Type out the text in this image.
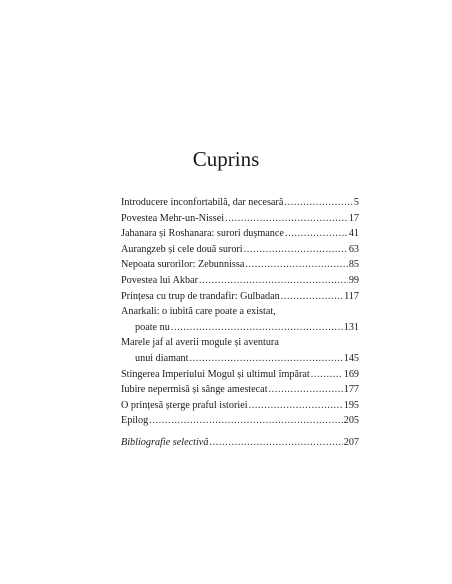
Cuprins
Introducere inconfortabilă, dar necesară .....	5
Povestea Mehr-un-Nissei .....	17
Jahanara și Roshanara: surori dușmance .....	41
Aurangzeb și cele două surori .....	63
Nepoata surorilor: Zebunnissa .....	85
Povestea lui Akbar .....	99
Prințesa cu trup de trandafir: Gulbadan .....	117
Anarkali: o iubită care poate a existat,
poate nu .....	131
Marele jaf al averii mogule și aventura
unui diamant .....	145
Stingerea Imperiului Mogul și ultimul împărat .....	169
Iubire nepermisă și sânge amestecat .....	177
O prințesă șterge praful istoriei .....	195
Epilog .....	205
Bibliografie selectivă .....	207
